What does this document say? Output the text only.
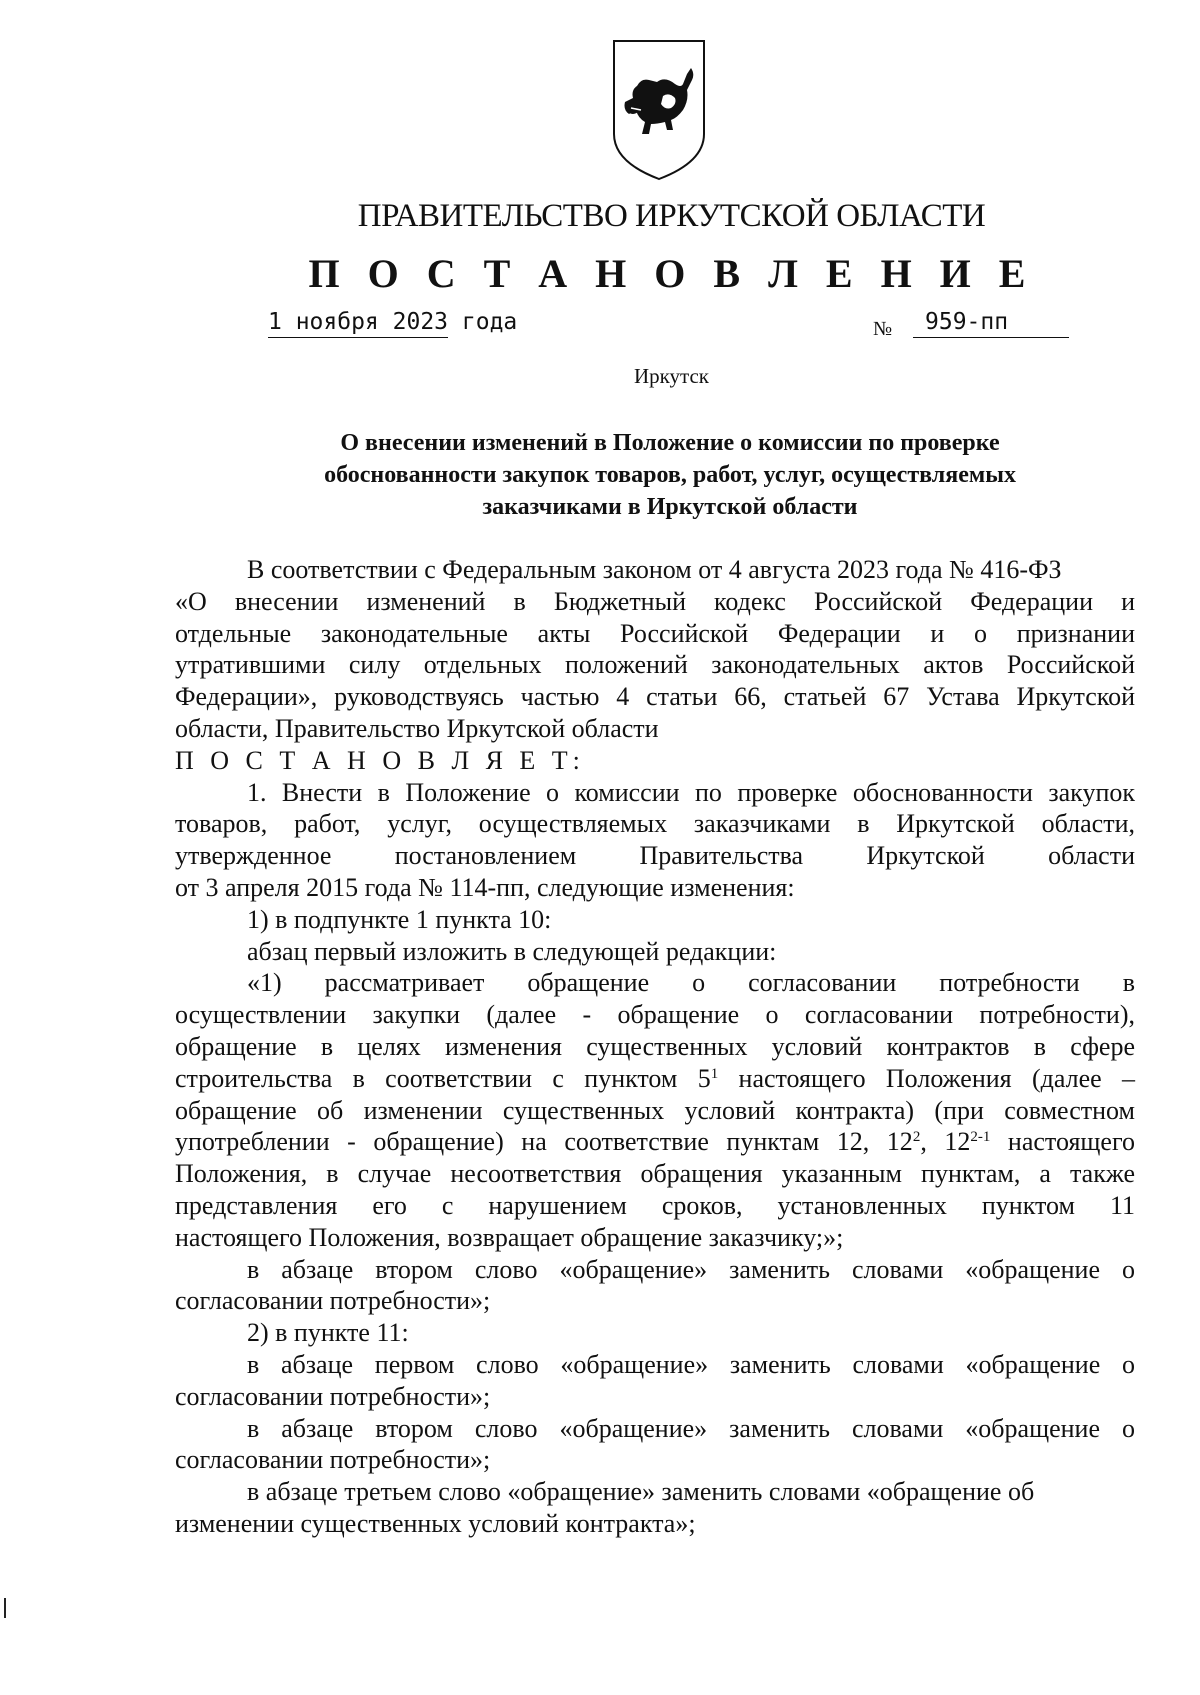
ПРАВИТЕЛЬСТВО ИРКУТСКОЙ ОБЛАСТИ
П О С Т А Н О В Л Е Н И Е
1 ноября 2023 года	№	959-пп
Иркутск
О внесении изменений в Положение о комиссии по проверке
обоснованности закупок товаров, работ, услуг, осуществляемых
заказчиками в Иркутской области
В соответствии с Федеральным законом от 4 августа 2023 года № 416-ФЗ
«О внесении изменений в Бюджетный кодекс Российской Федерации и
отдельные законодательные акты Российской Федерации и о признании
утратившими силу отдельных положений законодательных актов Российской
Федерации», руководствуясь частью 4 статьи 66, статьей 67 Устава Иркутской
области, Правительство Иркутской области
П О С Т А Н О В Л Я Е Т:
1. Внести в Положение о комиссии по проверке обоснованности закупок
товаров, работ, услуг, осуществляемых заказчиками в Иркутской области,
утвержденное постановлением Правительства Иркутской области
от 3 апреля 2015 года № 114-пп, следующие изменения:
1) в подпункте 1 пункта 10:
абзац первый изложить в следующей редакции:
«1) рассматривает обращение о согласовании потребности в
осуществлении закупки (далее - обращение о согласовании потребности),
обращение в целях изменения существенных условий контрактов в сфере
строительства в соответствии с пунктом $5^1$ настоящего Положения (далее –
обращение об изменении существенных условий контракта) (при совместном
употреблении - обращение) на соответствие пунктам 12, $12^2$, 12$^{2-1}$ настоящего
Положения, в случае несоответствия обращения указанным пунктам, а также
представления его с нарушением сроков, установленных пунктом 11
настоящего Положения, возвращает обращение заказчику;»;
в абзаце втором слово «обращение» заменить словами «обращение о
согласовании потребности»;
2) в пункте 11:
в абзаце первом слово «обращение» заменить словами «обращение о
согласовании потребности»;
в абзаце втором слово «обращение» заменить словами «обращение о
согласовании потребности»;
в абзаце третьем слово «обращение» заменить словами «обращение об
изменении существенных условий контракта»;
